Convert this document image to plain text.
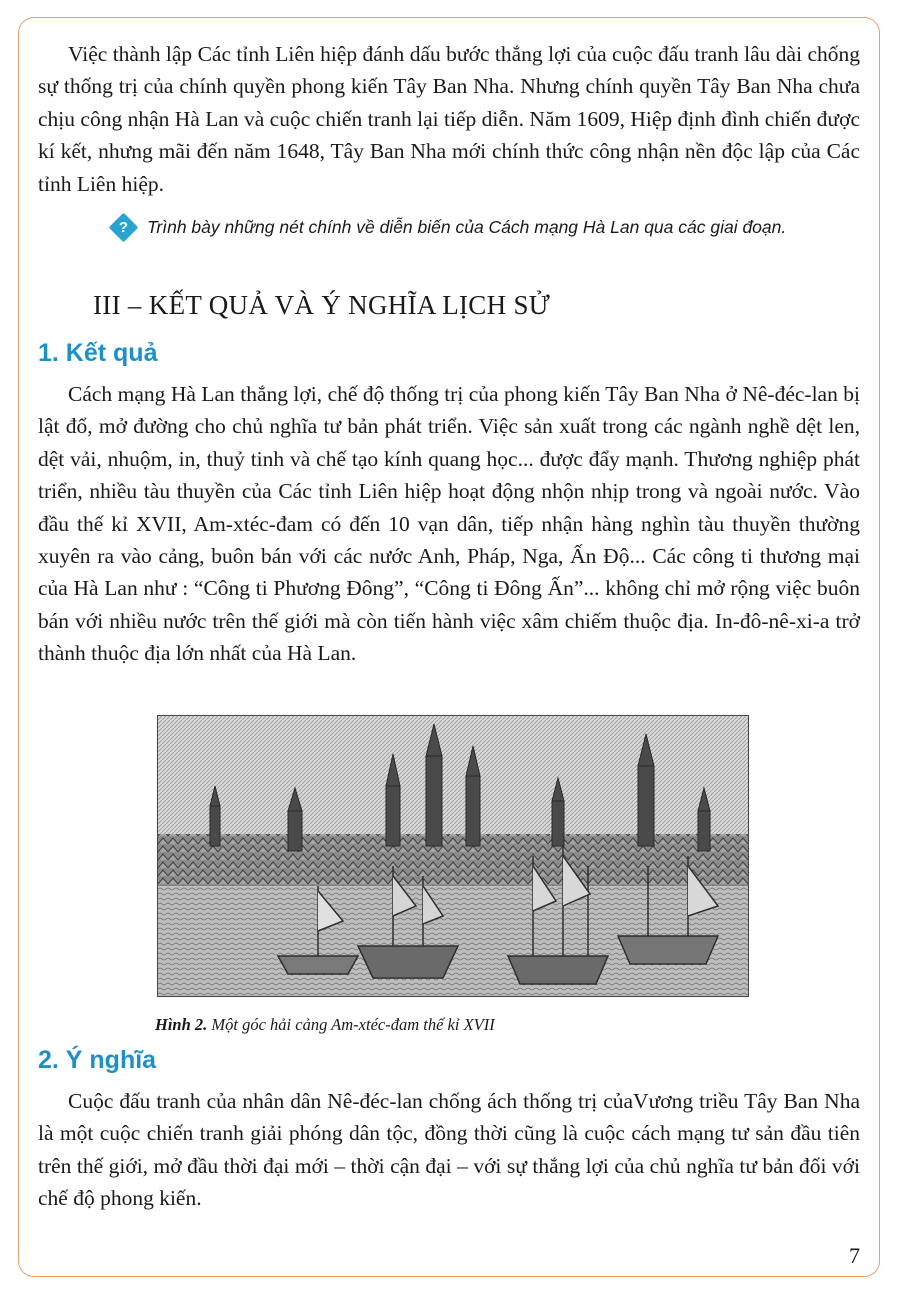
Việc thành lập Các tỉnh Liên hiệp đánh dấu bước thắng lợi của cuộc đấu tranh lâu dài chống sự thống trị của chính quyền phong kiến Tây Ban Nha. Nhưng chính quyền Tây Ban Nha chưa chịu công nhận Hà Lan và cuộc chiến tranh lại tiếp diễn. Năm 1609, Hiệp định đình chiến được kí kết, nhưng mãi đến năm 1648, Tây Ban Nha mới chính thức công nhận nền độc lập của Các tỉnh Liên hiệp.

?	Trình bày những nét chính về diễn biến của Cách mạng Hà Lan qua các giai đoạn.
III – KẾT QUẢ VÀ Ý NGHĨA LỊCH SỬ
1. Kết quả

Cách mạng Hà Lan thắng lợi, chế độ thống trị của phong kiến Tây Ban Nha ở Nê-đéc-lan bị lật đổ, mở đường cho chủ nghĩa tư bản phát triển. Việc sản xuất trong các ngành nghề dệt len, dệt vải, nhuộm, in, thuỷ tinh và chế tạo kính quang học... được đẩy mạnh. Thương nghiệp phát triển, nhiều tàu thuyền của Các tỉnh Liên hiệp hoạt động nhộn nhịp trong và ngoài nước. Vào đầu thế kỉ XVII, Am-xtéc-đam có đến 10 vạn dân, tiếp nhận hàng nghìn tàu thuyền thường xuyên ra vào cảng, buôn bán với các nước Anh, Pháp, Nga, Ấn Độ... Các công ti thương mại của Hà Lan như : “Công ti Phương Đông”, “Công ti Đông Ấn”... không chỉ mở rộng việc buôn bán với nhiều nước trên thế giới mà còn tiến hành việc xâm chiếm thuộc địa. In-đô-nê-xi-a trở thành thuộc địa lớn nhất của Hà Lan.

Hình 2. Một góc hải cảng Am-xtéc-đam thế kỉ XVII
2. Ý nghĩa

Cuộc đấu tranh của nhân dân Nê-đéc-lan chống ách thống trị củaVương triều Tây Ban Nha là một cuộc chiến tranh giải phóng dân tộc, đồng thời cũng là cuộc cách mạng tư sản đầu tiên trên thế giới, mở đầu thời đại mới – thời cận đại – với sự thắng lợi của chủ nghĩa tư bản đối với chế độ phong kiến.

7
